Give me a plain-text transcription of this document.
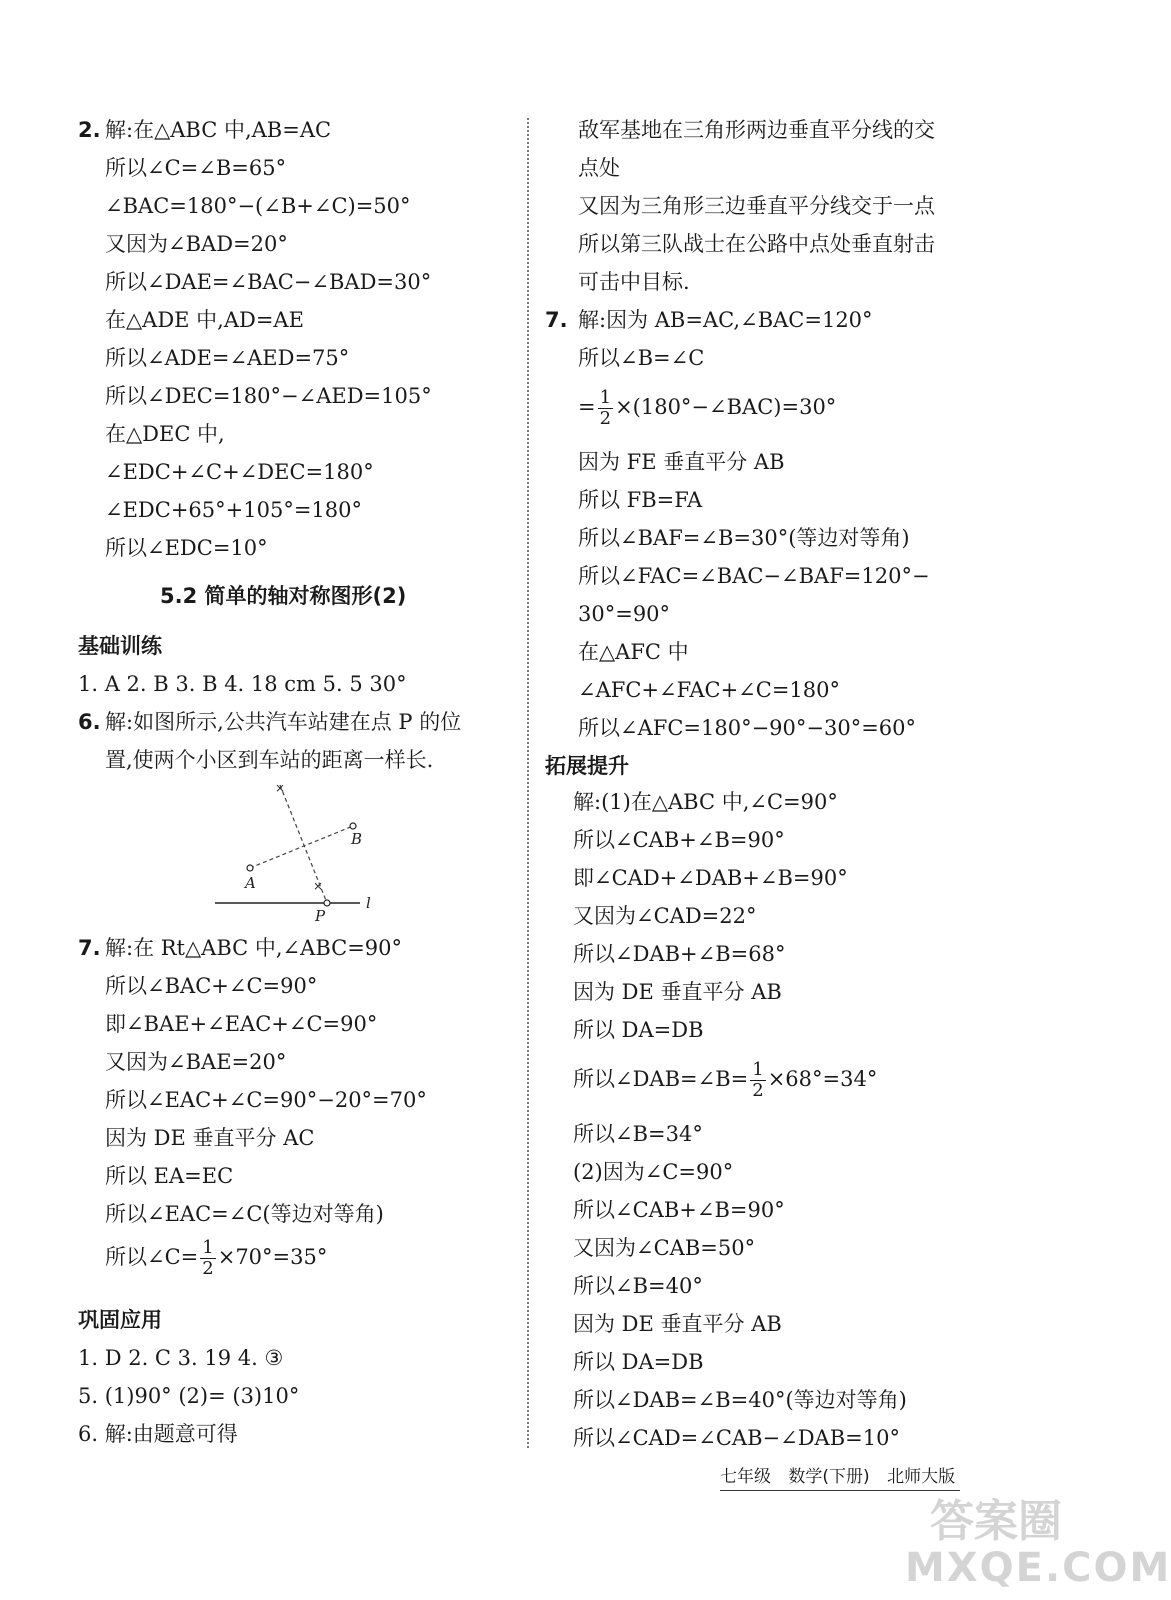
2. 解:在△ABC 中,AB=AC
所以∠C=∠B=65°
∠BAC=180°−(∠B+∠C)=50°
又因为∠BAD=20°
所以∠DAE=∠BAC−∠BAD=30°
在△ADE 中,AD=AE
所以∠ADE=∠AED=75°
所以∠DEC=180°−∠AED=105°
在△DEC 中,
∠EDC+∠C+∠DEC=180°
∠EDC+65°+105°=180°
所以∠EDC=10°
5.2 简单的轴对称图形(2)
基础训练
1. A 2. B 3. B 4. 18 cm 5. 5 30°
6. 解:如图所示,公共汽车站建在点 P 的位
置,使两个小区到车站的距离一样长.
7. 解:在 Rt△ABC 中,∠ABC=90°
所以∠BAC+∠C=90°
即∠BAE+∠EAC+∠C=90°
又因为∠BAE=20°
所以∠EAC+∠C=90°−20°=70°
因为 DE 垂直平分 AC
所以 EA=EC
所以∠EAC=∠C(等边对等角)
所以∠C= $\frac{1}{2} \times 70^\circ=35^\circ$
巩固应用
1. D 2. C 3. 19 4. ③
5. (1)90° (2)= (3)10°
6. 解:由题意可得
×
×
A
B
P
l
敌军基地在三角形两边垂直平分线的交
点处
又因为三角形三边垂直平分线交于一点
所以第三队战士在公路中点处垂直射击
可击中目标.
7. 解:因为 AB=AC,∠BAC=120°
所以∠B=∠C
= $\frac{1}{2}$ ×(180°−∠BAC)=30°
因为 FE 垂直平分 AB
所以 FB=FA
所以∠BAF=∠B=30°(等边对等角)
所以∠FAC=∠BAC−∠BAF=120°−
30°=90°
在△AFC 中
∠AFC+∠FAC+∠C=180°
所以∠AFC=180°−90°−30°=60°
拓展提升
解:(1)在△ABC 中,∠C=90°
所以∠CAB+∠B=90°
即∠CAD+∠DAB+∠B=90°
又因为∠CAD=22°
所以∠DAB+∠B=68°
因为 DE 垂直平分 AB
所以 DA=DB
所以∠DAB=∠B= $\frac{1}{2} \times 68^\circ=34^\circ$
所以∠B=34°
(2)因为∠C=90°
所以∠CAB+∠B=90°
又因为∠CAB=50°
所以∠B=40°
因为 DE 垂直平分 AB
所以 DA=DB
所以∠DAB=∠B=40°(等边对等角)
所以∠CAD=∠CAB−∠DAB=10°
七年级 数学(下册) 北师大版
答案圈
MXQE.COM
